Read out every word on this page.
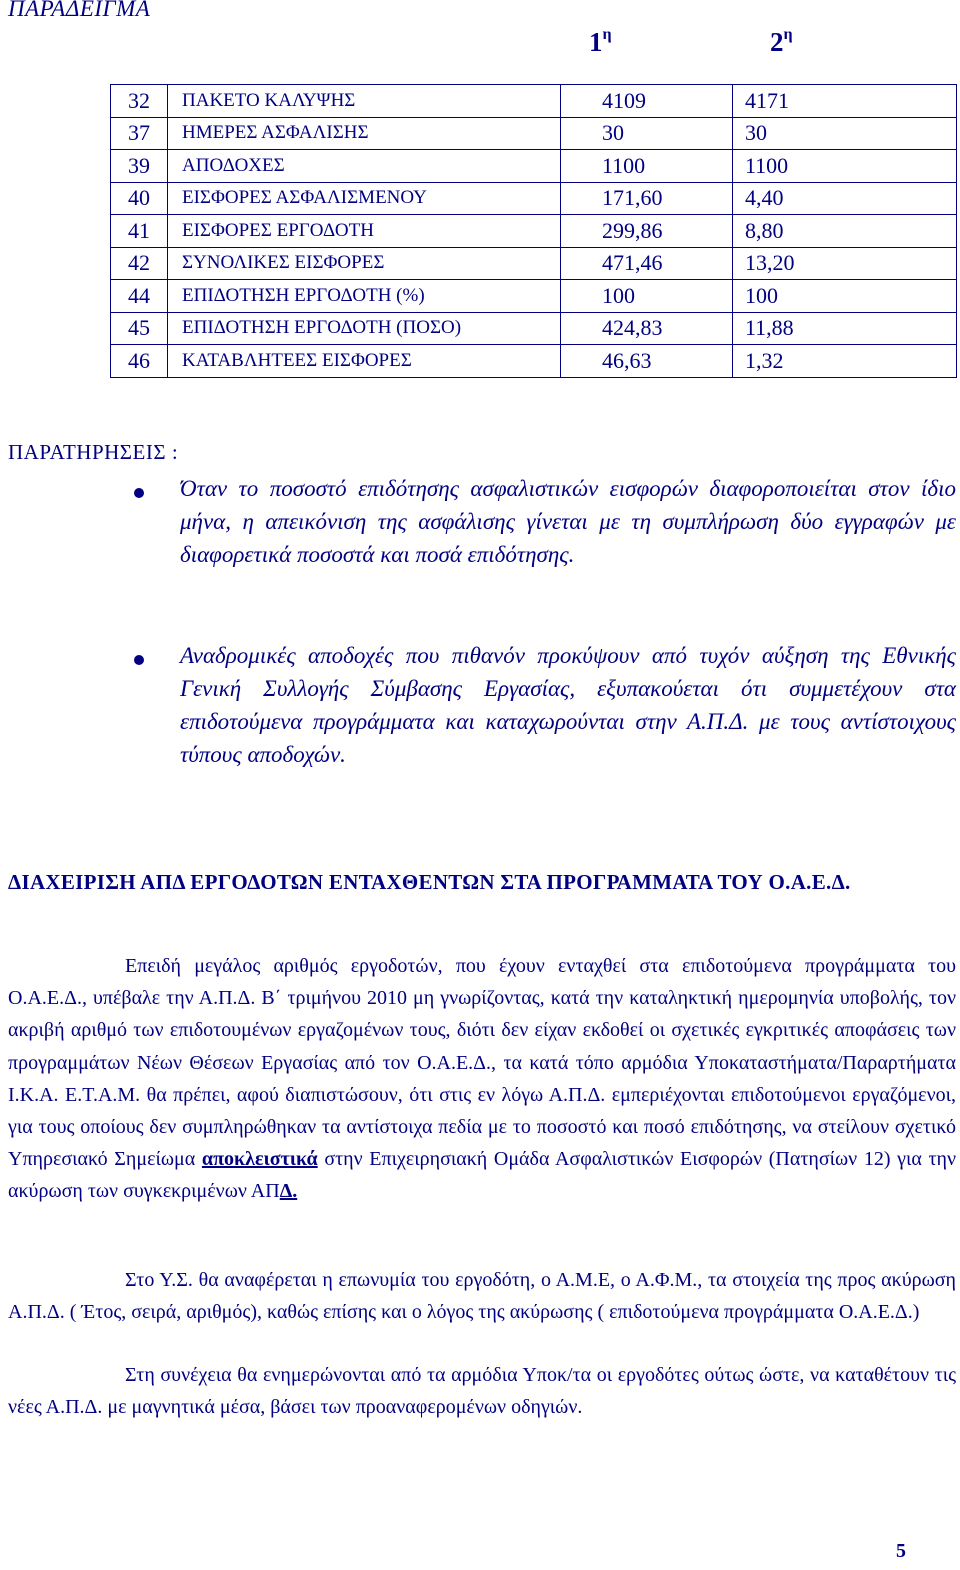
ΠΑΡΑΔΕΙΓΜΑ
$1^\eta$	$2^\eta$
32	ΠΑΚΕΤΟ ΚΑΛΥΨΗΣ	4109	4171
37	ΗΜΕΡΕΣ ΑΣΦΑΛΙΣΗΣ	30	30
39	ΑΠΟΔΟΧΕΣ	1100	1100
40	ΕΙΣΦΟΡΕΣ ΑΣΦΑΛΙΣΜΕΝΟΥ	171,60	4,40
41	ΕΙΣΦΟΡΕΣ ΕΡΓΟΔΟΤΗ	299,86	8,80
42	ΣΥΝΟΛΙΚΕΣ ΕΙΣΦΟΡΕΣ	471,46	13,20
44	ΕΠΙΔΟΤΗΣΗ ΕΡΓΟΔΟΤΗ (%)	100	100
45	ΕΠΙΔΟΤΗΣΗ ΕΡΓΟΔΟΤΗ (ΠΟΣΟ)	424,83	11,88
46	ΚΑΤΑΒΛΗΤΕΕΣ ΕΙΣΦΟΡΕΣ	46,63	1,32
ΠΑΡΑΤΗΡΗΣΕΙΣ :

Όταν το ποσοστό επιδότησης ασφαλιστικών εισφορών διαφοροποιείται στον ίδιο μήνα, η απεικόνιση της ασφάλισης γίνεται με τη συμπλήρωση δύο εγγραφών με διαφορετικά ποσοστά και ποσά επιδότησης.

Αναδρομικές αποδοχές που πιθανόν προκύψουν από τυχόν αύξηση της Εθνικής Γενική Συλλογής Σύμβασης Εργασίας, εξυπακούεται ότι συμμετέχουν στα επιδοτούμενα προγράμματα και καταχωρούνται στην Α.Π.Δ. με τους αντίστοιχους τύπους αποδοχών.

ΔΙΑΧΕΙΡΙΣΗ ΑΠΔ ΕΡΓΟΔΟΤΩΝ ΕΝΤΑΧΘΕΝΤΩΝ ΣΤΑ ΠΡΟΓΡΑΜΜΑΤΑ ΤΟΥ Ο.Α.Ε.Δ.

Επειδή μεγάλος αριθμός εργοδοτών, που έχουν ενταχθεί στα επιδοτούμενα προγράμματα του Ο.Α.Ε.Δ., υπέβαλε την Α.Π.Δ. Β΄ τριμήνου 2010 μη γνωρίζοντας, κατά την καταληκτική ημερομηνία υποβολής, τον ακριβή αριθμό των επιδοτουμένων εργαζομένων τους, διότι δεν είχαν εκδοθεί οι σχετικές εγκριτικές αποφάσεις των προγραμμάτων Νέων Θέσεων Εργασίας από τον Ο.Α.Ε.Δ., τα κατά τόπο αρμόδια Υποκαταστήματα/Παραρτήματα Ι.Κ.Α. Ε.Τ.Α.Μ. θα πρέπει, αφού διαπιστώσουν, ότι στις εν λόγω Α.Π.Δ. εμπεριέχονται επιδοτούμενοι εργαζόμενοι, για τους οποίους δεν συμπληρώθηκαν τα αντίστοιχα πεδία με το ποσοστό και ποσό επιδότησης, να στείλουν σχετικό Υπηρεσιακό Σημείωμα αποκλειστικά στην Επιχειρησιακή Ομάδα Ασφαλιστικών Εισφορών (Πατησίων 12) για την ακύρωση των συγκεκριμένων ΑΠΔ.

Στο Υ.Σ. θα αναφέρεται η επωνυμία του εργοδότη, ο Α.Μ.Ε, ο Α.Φ.Μ., τα στοιχεία της προς ακύρωση Α.Π.Δ. ( Έτος, σειρά, αριθμός), καθώς επίσης και ο λόγος της ακύρωσης ( επιδοτούμενα προγράμματα Ο.Α.Ε.Δ.)

Στη συνέχεια θα ενημερώνονται από τα αρμόδια Υποκ/τα οι εργοδότες ούτως ώστε, να καταθέτουν τις νέες Α.Π.Δ. με μαγνητικά μέσα, βάσει των προαναφερομένων οδηγιών.

5
